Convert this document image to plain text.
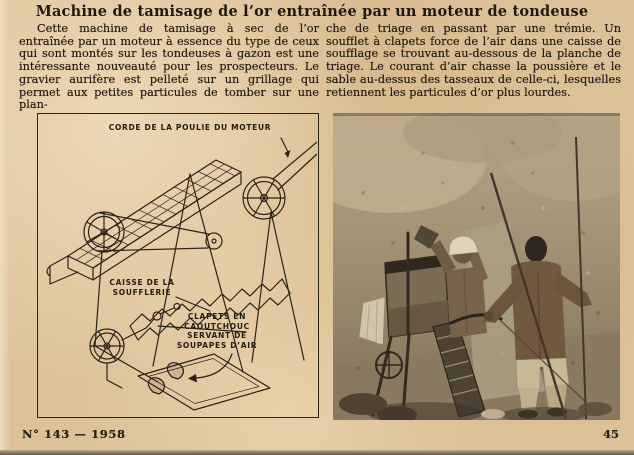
Machine de tamisage de l’or entraînée par un moteur de tondeuse

Cette machine de tamisage à sec de l’or entraînée par un moteur à essence du type de ceux qui sont montés sur les tondeuses à gazon est une intéressante nouveauté pour les prospecteurs. Le gravier aurifère est pelleté sur un grillage qui permet aux petites particules de tomber sur une plan-

che de triage en passant par une trémie. Un soufflet à clapets force de l’air dans une caisse de soufflage se trouvant au-dessous de la planche de triage. Le courant d’air chasse la poussière et le sable au-dessus des tasseaux de celle-ci, lesquelles retiennent les particules d’or plus lourdes.

CORDE DE LA POULIE DU MOTEUR
CAISSE DE LA SOUFFLERIE
CLAPETS EN CAOUTCHOUC SERVANT DE SOUPAPES D’AIR
N° 143 — 1958	45
